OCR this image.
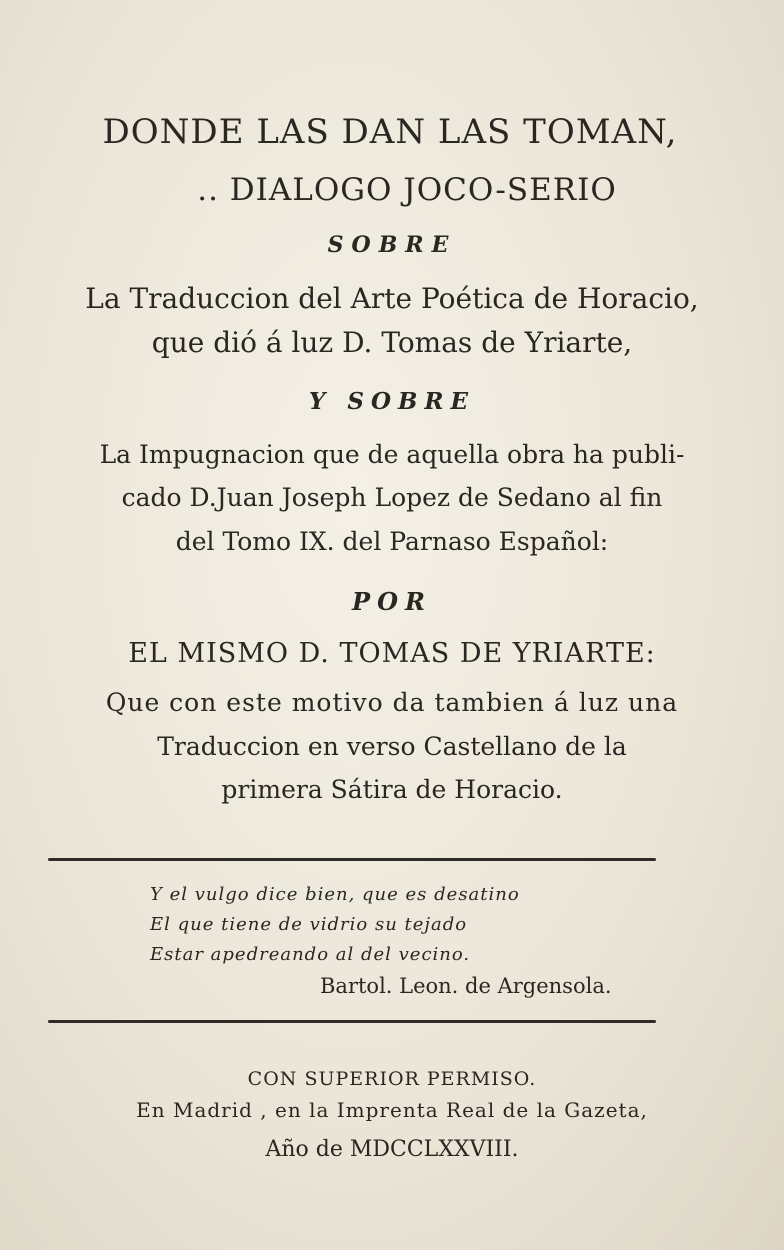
DONDE LAS DAN LAS TOMAN,
.. DIALOGO JOCO-SERIO
SOBRE
La Traduccion del Arte Poética de Horacio,
que dió á luz D. Tomas de Yriarte,
Y SOBRE
La Impugnacion que de aquella obra ha publi-
cado D.Juan Joseph Lopez de Sedano al fin
del Tomo IX. del Parnaso Español:
POR
EL MISMO D. TOMAS DE YRIARTE:
Que con este motivo da tambien á luz una
Traduccion en verso Castellano de la
primera Sátira de Horacio.
Y el vulgo dice bien, que es desatino
El que tiene de vidrio su tejado
Estar apedreando al del vecino.
Bartol. Leon. de Argensola.
CON SUPERIOR PERMISO.
En Madrid , en la Imprenta Real de la Gazeta,
Año de MDCCLXXVIII.
